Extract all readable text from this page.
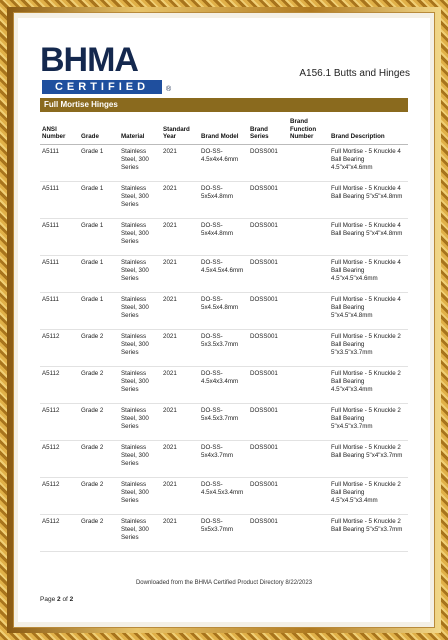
BHMA
CERTIFIED	®
A156.1 Butts and Hinges
Full Mortise Hinges
ANSI Number	Grade	Material	Standard Year	Brand Model	Brand Series	Brand Function Number	Brand Description
A5111	Grade 1	Stainless Steel, 300 Series	2021	DO-SS-4.5x4x4.6mm	DOSS001		Full Mortise - 5 Knuckle 4 Ball Bearing 4.5"x4"x4.6mm
A5111	Grade 1	Stainless Steel, 300 Series	2021	DO-SS-5x5x4.8mm	DOSS001		Full Mortise - 5 Knuckle 4 Ball Bearing 5"x5"x4.8mm
A5111	Grade 1	Stainless Steel, 300 Series	2021	DO-SS-5x4x4.8mm	DOSS001		Full Mortise - 5 Knuckle 4 Ball Bearing 5"x4"x4.8mm
A5111	Grade 1	Stainless Steel, 300 Series	2021	DO-SS-4.5x4.5x4.6mm	DOSS001		Full Mortise - 5 Knuckle 4 Ball Bearing 4.5"x4.5"x4.6mm
A5111	Grade 1	Stainless Steel, 300 Series	2021	DO-SS-5x4.5x4.8mm	DOSS001		Full Mortise - 5 Knuckle 4 Ball Bearing 5"x4.5"x4.8mm
A5112	Grade 2	Stainless Steel, 300 Series	2021	DO-SS-5x3.5x3.7mm	DOSS001		Full Mortise - 5 Knuckle 2 Ball Bearing 5"x3.5"x3.7mm
A5112	Grade 2	Stainless Steel, 300 Series	2021	DO-SS-4.5x4x3.4mm	DOSS001		Full Mortise - 5 Knuckle 2 Ball Bearing 4.5"x4"x3.4mm
A5112	Grade 2	Stainless Steel, 300 Series	2021	DO-SS-5x4.5x3.7mm	DOSS001		Full Mortise - 5 Knuckle 2 Ball Bearing 5"x4.5"x3.7mm
A5112	Grade 2	Stainless Steel, 300 Series	2021	DO-SS-5x4x3.7mm	DOSS001		Full Mortise - 5 Knuckle 2 Ball Bearing 5"x4"x3.7mm
A5112	Grade 2	Stainless Steel, 300 Series	2021	DO-SS-4.5x4.5x3.4mm	DOSS001		Full Mortise - 5 Knuckle 2 Ball Bearing 4.5"x4.5"x3.4mm
A5112	Grade 2	Stainless Steel, 300 Series	2021	DO-SS-5x5x3.7mm	DOSS001		Full Mortise - 5 Knuckle 2 Ball Bearing 5"x5"x3.7mm
Downloaded from the BHMA Certified Product Directory 8/22/2023
Page 2 of 2
